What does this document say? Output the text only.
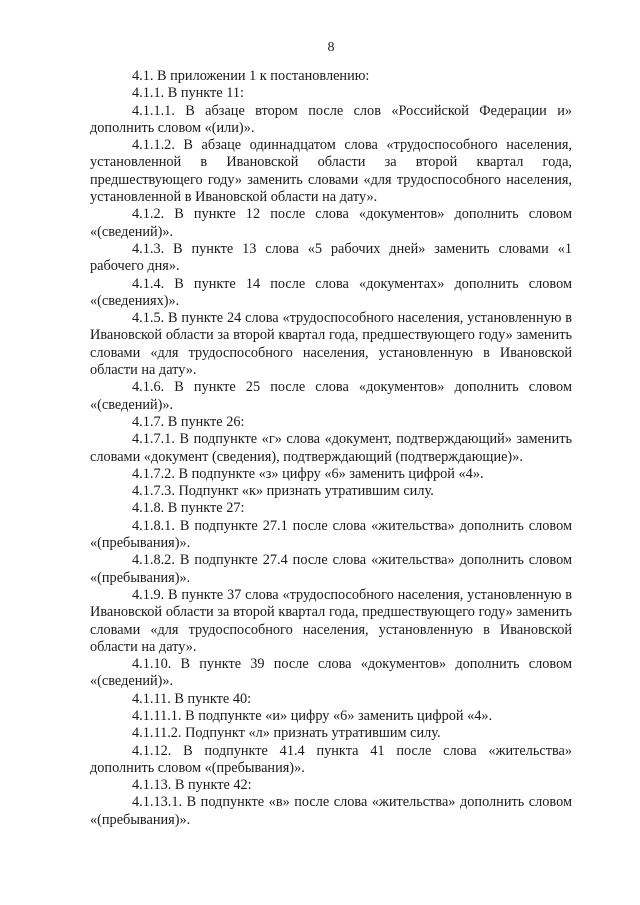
8

4.1. В приложении 1 к постановлению:

4.1.1. В пункте 11:

4.1.1.1. В абзаце втором после слов «Российской Федерации и» дополнить словом «(или)».

4.1.1.2. В абзаце одиннадцатом слова «трудоспособного населения, установленной в Ивановской области за второй квартал года, предшествующего году» заменить словами «для трудоспособного населения, установленной в Ивановской области на дату».

4.1.2. В пункте 12 после слова «документов» дополнить словом «(сведений)».

4.1.3. В пункте 13 слова «5 рабочих дней» заменить словами «1 рабочего дня».

4.1.4. В пункте 14 после слова «документах» дополнить словом «(сведениях)».

4.1.5. В пункте 24 слова «трудоспособного населения, установленную в Ивановской области за второй квартал года, предшествующего году» заменить словами «для трудоспособного населения, установленную в Ивановской области на дату».

4.1.6. В пункте 25 после слова «документов» дополнить словом «(сведений)».

4.1.7. В пункте 26:

4.1.7.1. В подпункте «г» слова «документ, подтверждающий» заменить словами «документ (сведения), подтверждающий (подтверждающие)».

4.1.7.2. В подпункте «з» цифру «6» заменить цифрой «4».

4.1.7.3. Подпункт «к» признать утратившим силу.

4.1.8. В пункте 27:

4.1.8.1. В подпункте 27.1 после слова «жительства» дополнить словом «(пребывания)».

4.1.8.2. В подпункте 27.4 после слова «жительства» дополнить словом «(пребывания)».

4.1.9. В пункте 37 слова «трудоспособного населения, установленную в Ивановской области за второй квартал года, предшествующего году» заменить словами «для трудоспособного населения, установленную в Ивановской области на дату».

4.1.10. В пункте 39 после слова «документов» дополнить словом «(сведений)».

4.1.11. В пункте 40:

4.1.11.1. В подпункте «и» цифру «6» заменить цифрой «4».

4.1.11.2. Подпункт «л» признать утратившим силу.

4.1.12. В подпункте 41.4 пункта 41 после слова «жительства» дополнить словом «(пребывания)».

4.1.13. В пункте 42:

4.1.13.1. В подпункте «в» после слова «жительства» дополнить словом «(пребывания)».
